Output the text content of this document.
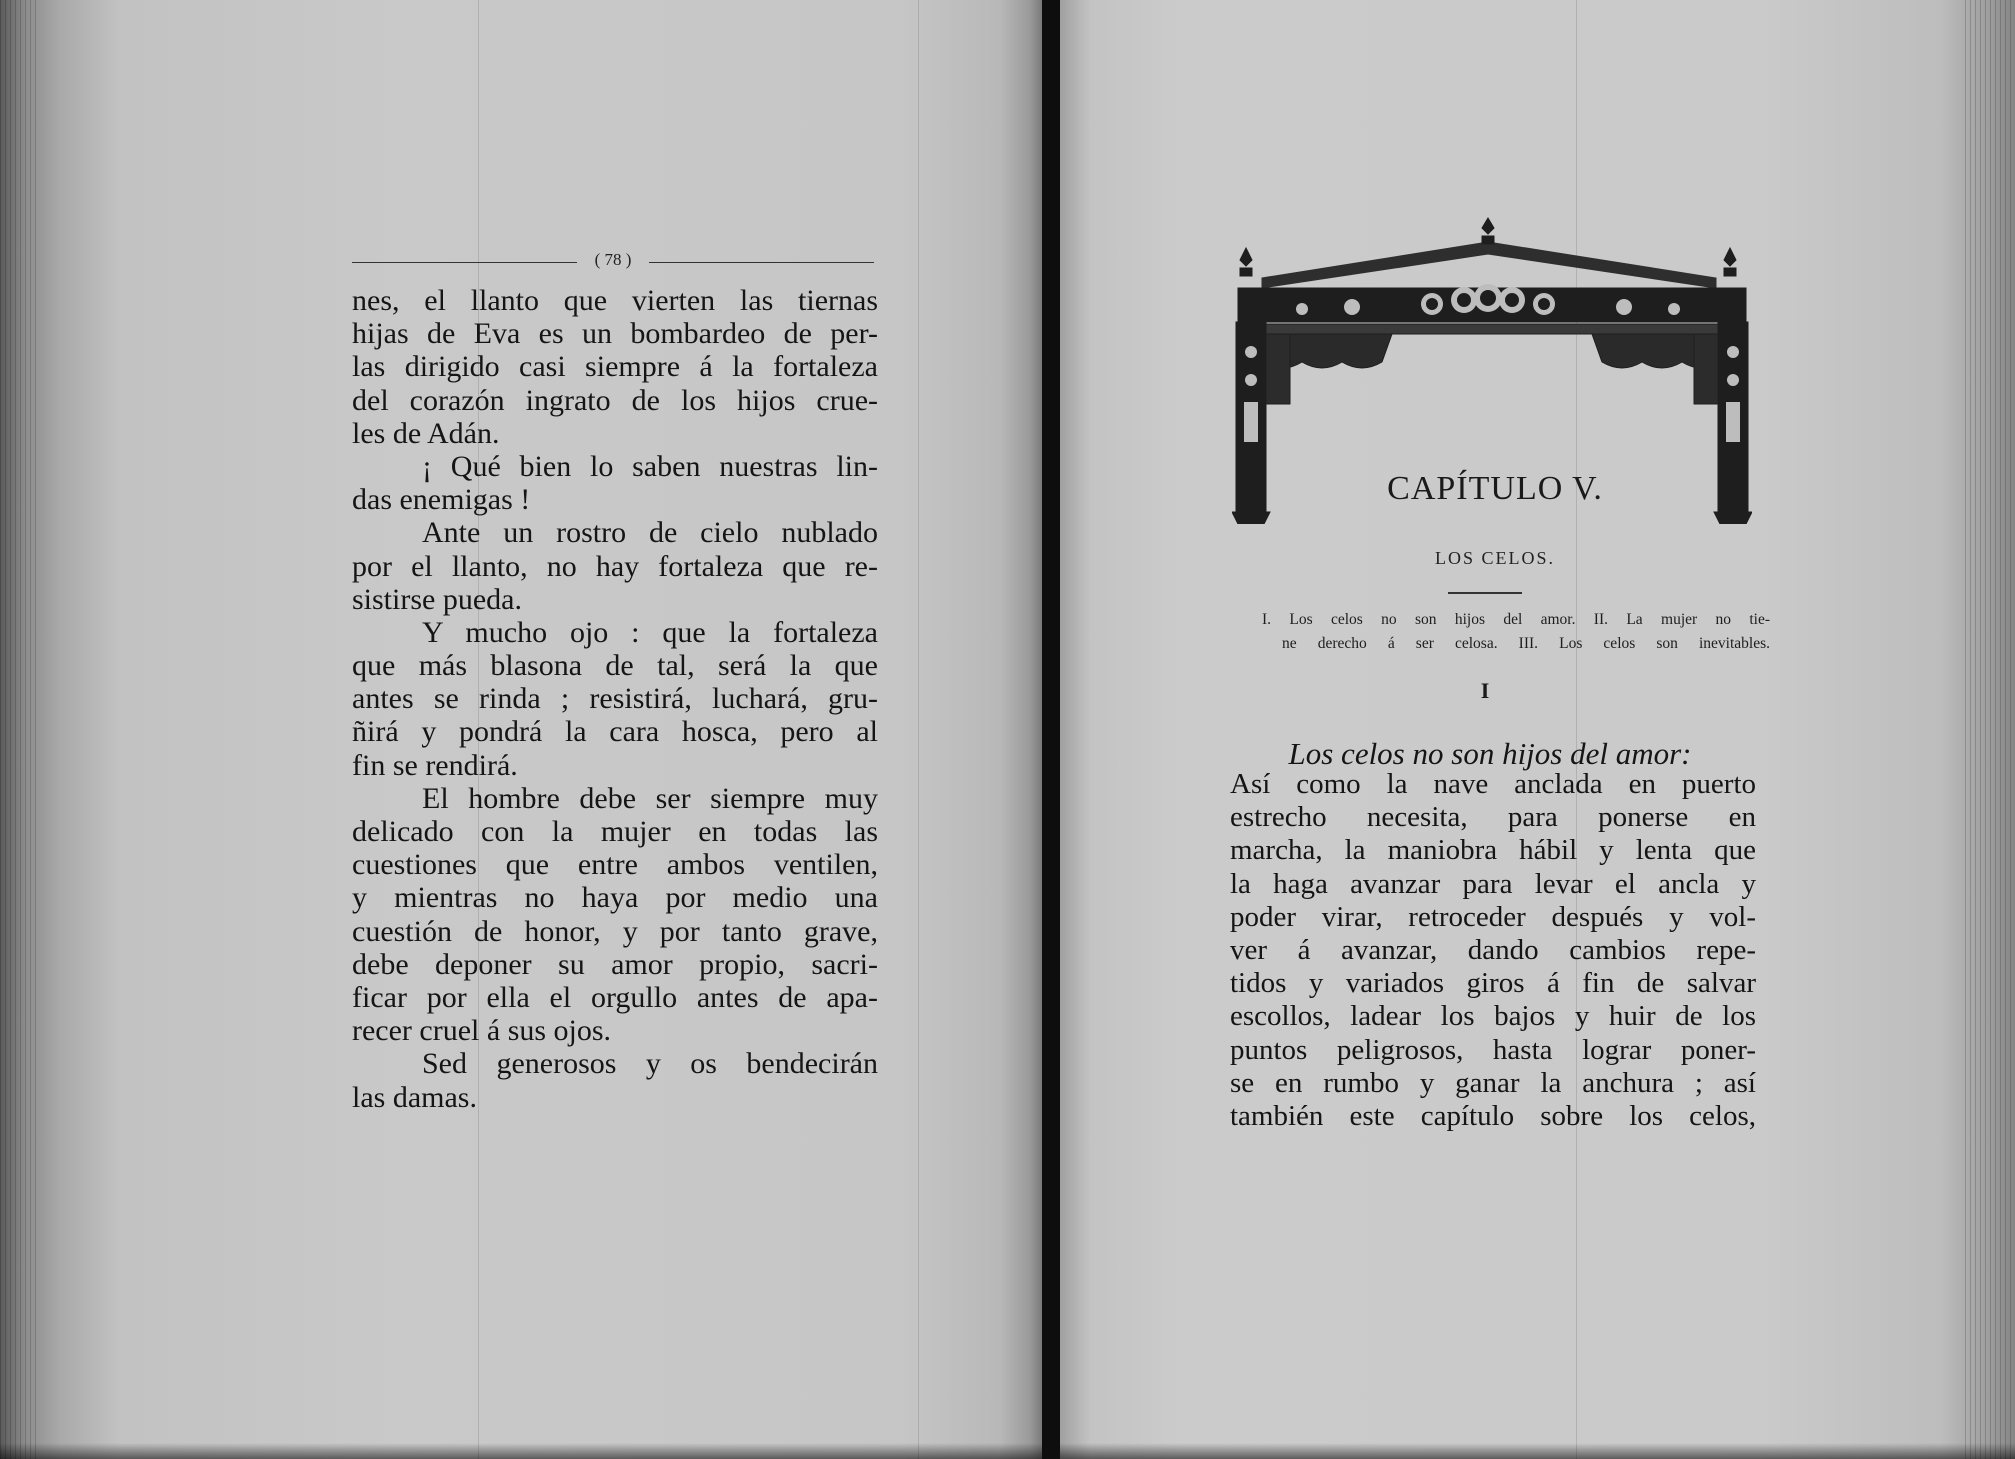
( 78 )
nes, el llanto que vierten las tiernas
hijas de Eva es un bombardeo de per-
las dirigido casi siempre á la fortaleza
del corazón ingrato de los hijos crue-
les de Adán.
¡ Qué bien lo saben nuestras lin-
das enemigas !
Ante un rostro de cielo nublado
por el llanto, no hay fortaleza que re-
sistirse pueda.
Y mucho ojo : que la fortaleza
que más blasona de tal, será la que
antes se rinda ; resistirá, luchará, gru-
ñirá y pondrá la cara hosca, pero al
fin se rendirá.
El hombre debe ser siempre muy
delicado con la mujer en todas las
cuestiones que entre ambos ventilen,
y mientras no haya por medio una
cuestión de honor, y por tanto grave,
debe deponer su amor propio, sacri-
ficar por ella el orgullo antes de apa-
recer cruel á sus ojos.
Sed generosos y os bendecirán
las damas.
CAPÍTULO V.
LOS CELOS.
I. Los celos no son hijos del amor. II. La mujer no tie-
ne derecho á ser celosa. III. Los celos son inevitables.
I
Los celos no son hijos del amor:
Así como la nave anclada en puerto
estrecho necesita, para ponerse en
marcha, la maniobra hábil y lenta que
la haga avanzar para levar el ancla y
poder virar, retroceder después y vol-
ver á avanzar, dando cambios repe-
tidos y variados giros á fin de salvar
escollos, ladear los bajos y huir de los
puntos peligrosos, hasta lograr poner-
se en rumbo y ganar la anchura ; así
también este capítulo sobre los celos,
